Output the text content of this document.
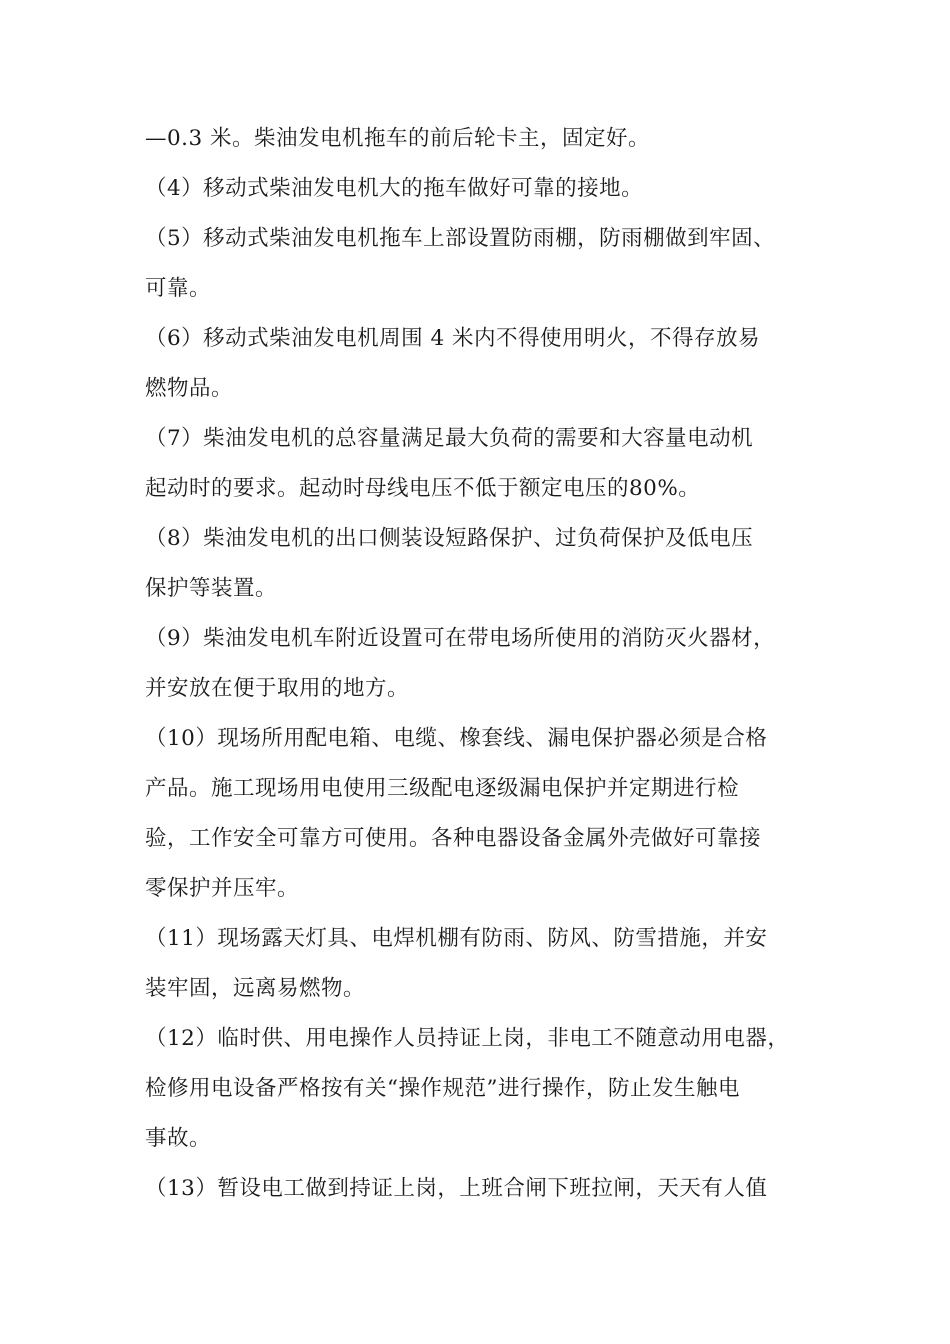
—0.3 米。柴油发电机拖车的前后轮卡主，固定好。
（4）移动式柴油发电机大的拖车做好可靠的接地。
（5）移动式柴油发电机拖车上部设置防雨棚，防雨棚做到牢固、
可靠。
（6）移动式柴油发电机周围 4 米内不得使用明火，不得存放易
燃物品。
（7）柴油发电机的总容量满足最大负荷的需要和大容量电动机
起动时的要求。起动时母线电压不低于额定电压的80%。
（8）柴油发电机的出口侧装设短路保护、过负荷保护及低电压
保护等装置。
（9）柴油发电机车附近设置可在带电场所使用的消防灭火器材，
并安放在便于取用的地方。
（10）现场所用配电箱、电缆、橡套线、漏电保护器必须是合格
产品。施工现场用电使用三级配电逐级漏电保护并定期进行检
验，工作安全可靠方可使用。各种电器设备金属外壳做好可靠接
零保护并压牢。
（11）现场露天灯具、电焊机棚有防雨、防风、防雪措施，并安
装牢固，远离易燃物。
（12）临时供、用电操作人员持证上岗，非电工不随意动用电器，
检修用电设备严格按有关“操作规范”进行操作，防止发生触电
事故。
（13）暂设电工做到持证上岗，上班合闸下班拉闸，天天有人值
